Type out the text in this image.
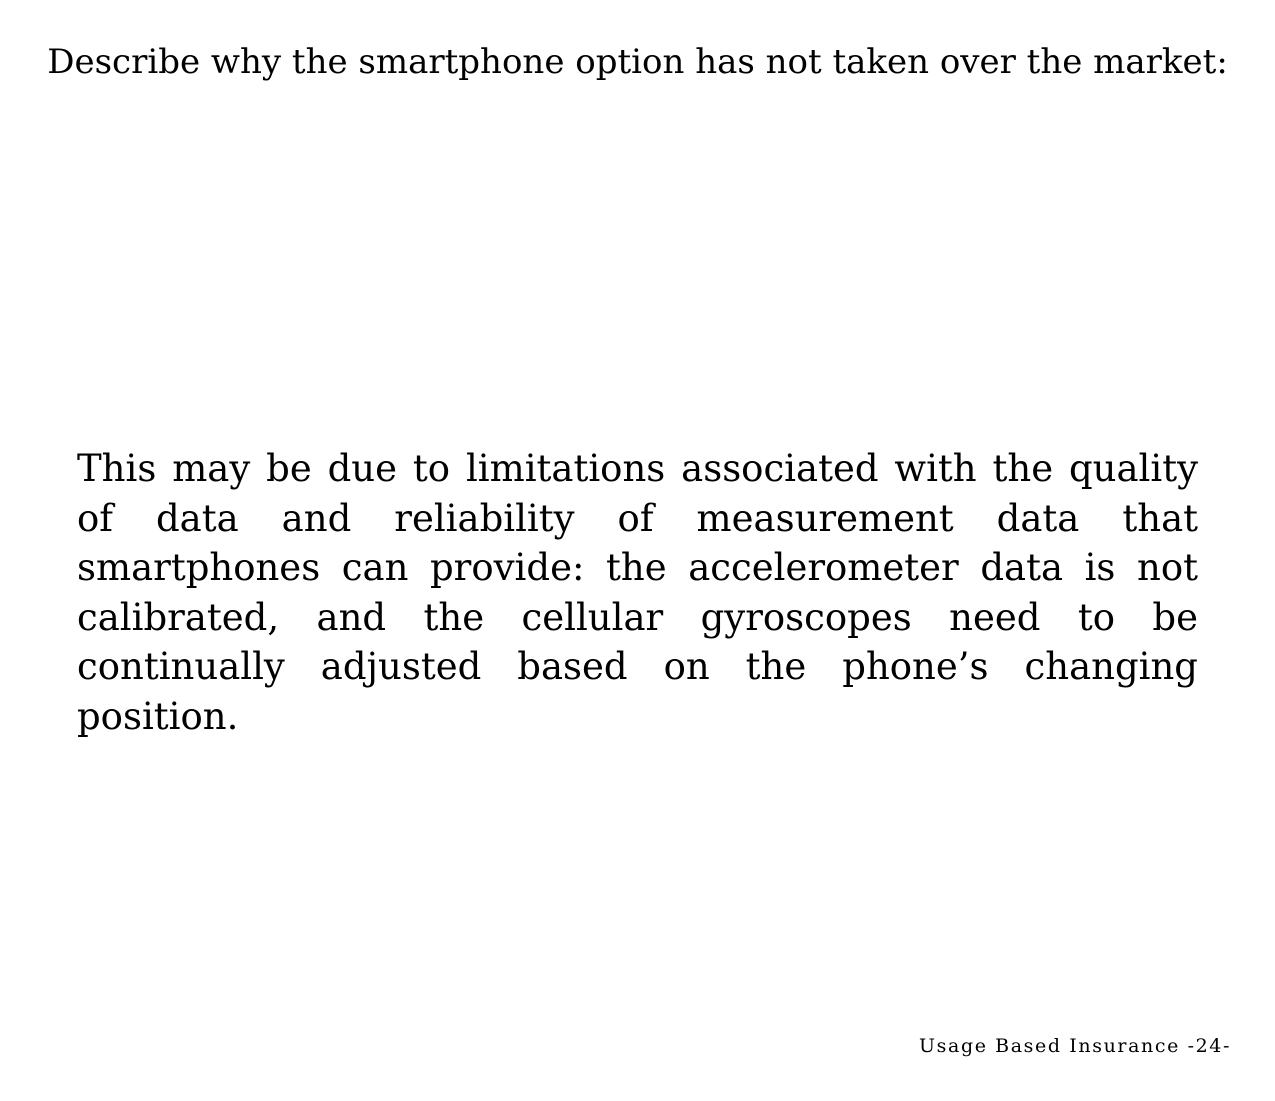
Describe why the smartphone option has not taken over the market:
This may be due to limitations associated with the quality of data and reliability of measurement data that smartphones can provide: the accelerometer data is not calibrated, and the cellular gyroscopes need to be continually adjusted based on the phone’s changing position.
Usage Based Insurance -24-
